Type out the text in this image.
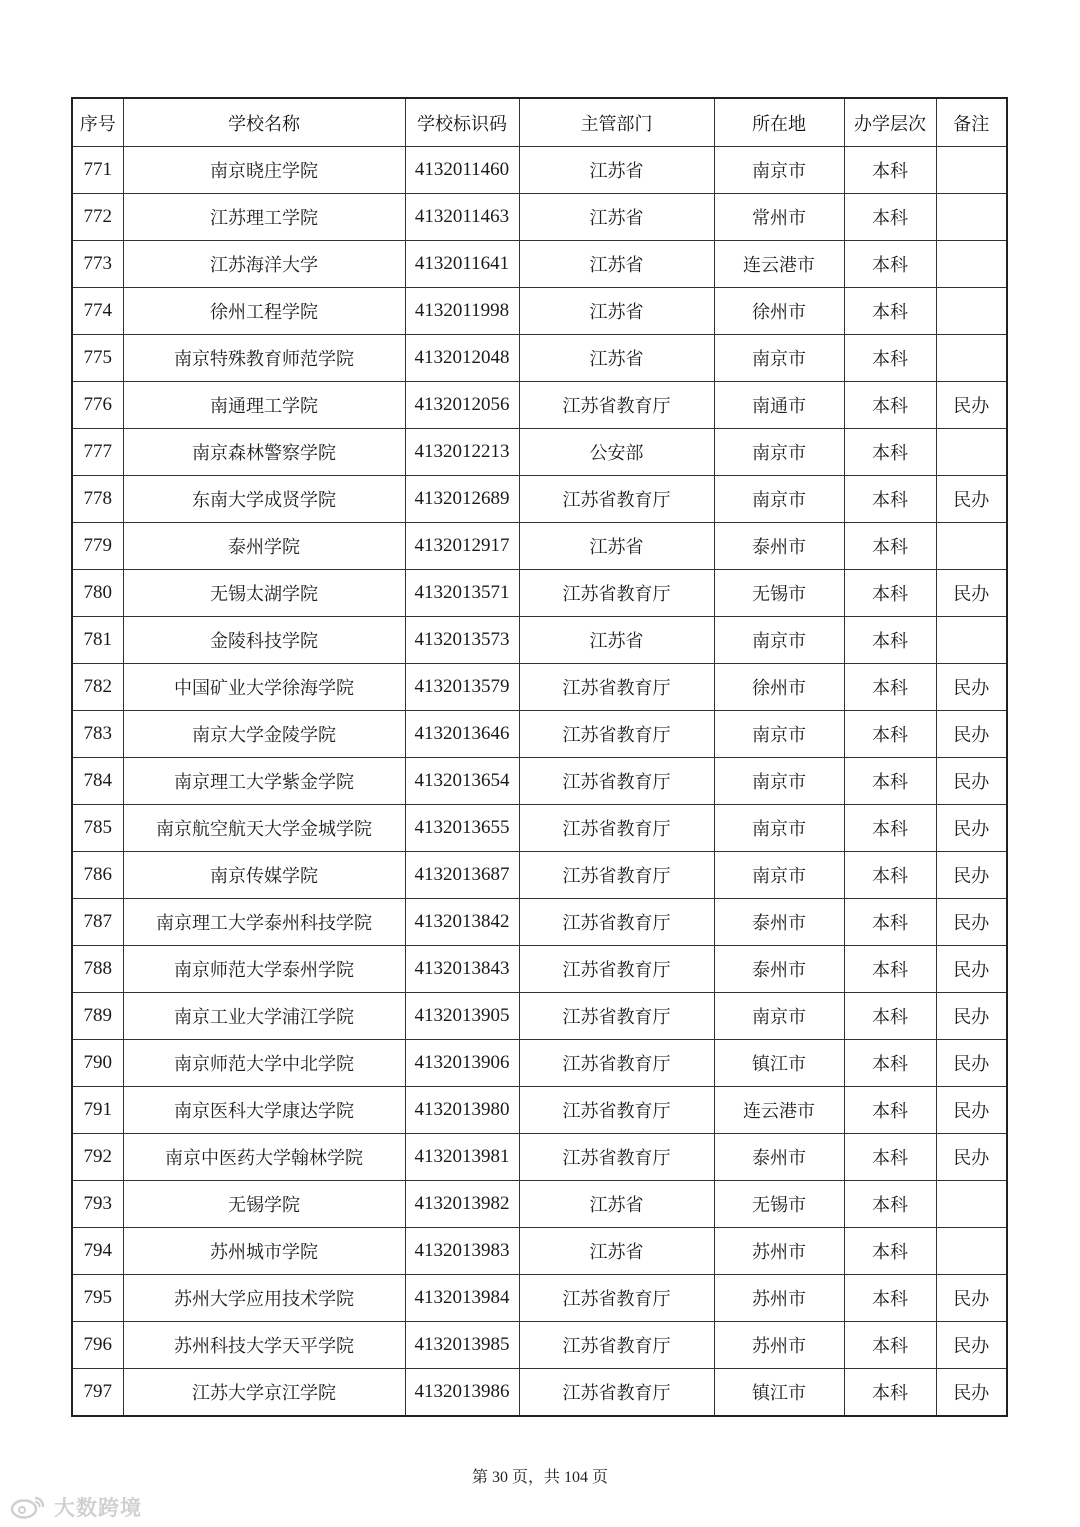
序号	学校名称	学校标识码	主管部门	所在地	办学层次	备注
771	南京晓庄学院	4132011460	江苏省	南京市	本科	
772	江苏理工学院	4132011463	江苏省	常州市	本科	
773	江苏海洋大学	4132011641	江苏省	连云港市	本科	
774	徐州工程学院	4132011998	江苏省	徐州市	本科	
775	南京特殊教育师范学院	4132012048	江苏省	南京市	本科	
776	南通理工学院	4132012056	江苏省教育厅	南通市	本科	民办
777	南京森林警察学院	4132012213	公安部	南京市	本科	
778	东南大学成贤学院	4132012689	江苏省教育厅	南京市	本科	民办
779	泰州学院	4132012917	江苏省	泰州市	本科	
780	无锡太湖学院	4132013571	江苏省教育厅	无锡市	本科	民办
781	金陵科技学院	4132013573	江苏省	南京市	本科	
782	中国矿业大学徐海学院	4132013579	江苏省教育厅	徐州市	本科	民办
783	南京大学金陵学院	4132013646	江苏省教育厅	南京市	本科	民办
784	南京理工大学紫金学院	4132013654	江苏省教育厅	南京市	本科	民办
785	南京航空航天大学金城学院	4132013655	江苏省教育厅	南京市	本科	民办
786	南京传媒学院	4132013687	江苏省教育厅	南京市	本科	民办
787	南京理工大学泰州科技学院	4132013842	江苏省教育厅	泰州市	本科	民办
788	南京师范大学泰州学院	4132013843	江苏省教育厅	泰州市	本科	民办
789	南京工业大学浦江学院	4132013905	江苏省教育厅	南京市	本科	民办
790	南京师范大学中北学院	4132013906	江苏省教育厅	镇江市	本科	民办
791	南京医科大学康达学院	4132013980	江苏省教育厅	连云港市	本科	民办
792	南京中医药大学翰林学院	4132013981	江苏省教育厅	泰州市	本科	民办
793	无锡学院	4132013982	江苏省	无锡市	本科	
794	苏州城市学院	4132013983	江苏省	苏州市	本科	
795	苏州大学应用技术学院	4132013984	江苏省教育厅	苏州市	本科	民办
796	苏州科技大学天平学院	4132013985	江苏省教育厅	苏州市	本科	民办
797	江苏大学京江学院	4132013986	江苏省教育厅	镇江市	本科	民办
第 30 页，共 104 页
大数跨境
